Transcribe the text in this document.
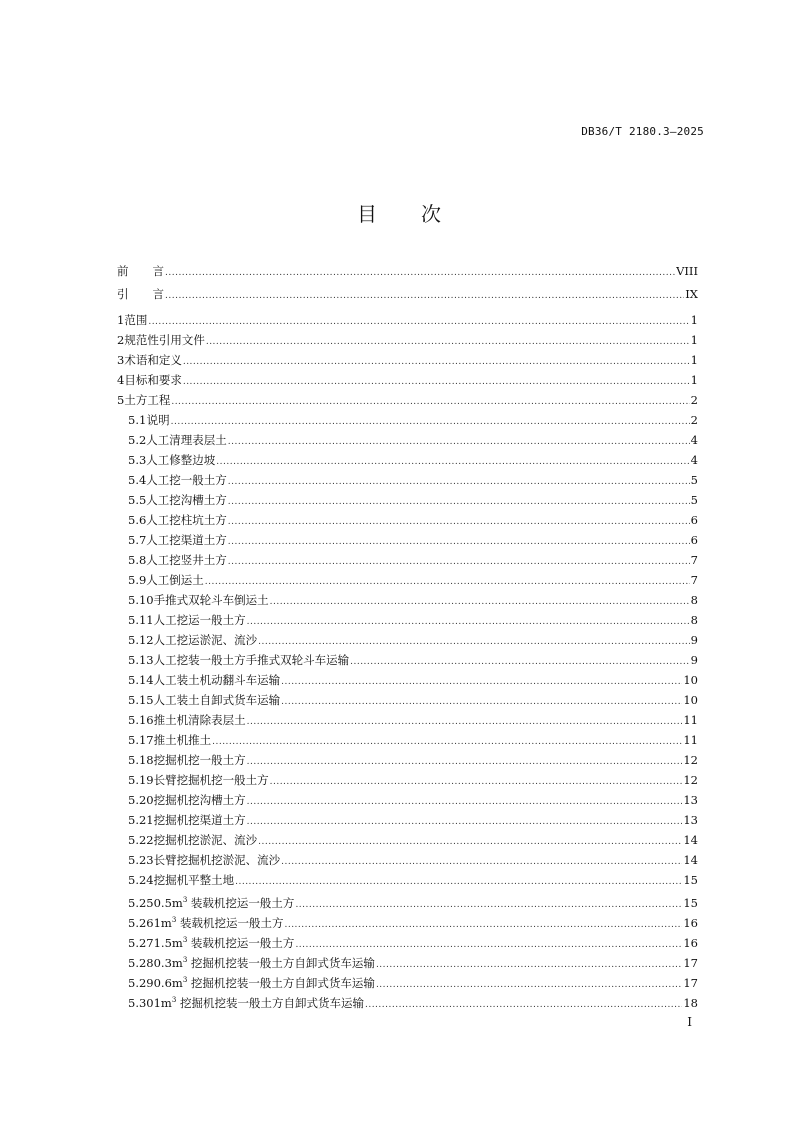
DB36/T 2180.3—2025
目 次
前 言 .....	VIII
引 言 .....	IX
1 范围 .....	1
2 规范性引用文件 .....	1
3 术语和定义 .....	1
4 目标和要求 .....	1
5 土方工程 .....	2
5.1 说明 .....	2
5.2 人工清理表层土 .....	4
5.3 人工修整边坡 .....	4
5.4 人工挖一般土方 .....	5
5.5 人工挖沟槽土方 .....	5
5.6 人工挖柱坑土方 .....	6
5.7 人工挖渠道土方 .....	6
5.8 人工挖竖井土方 .....	7
5.9 人工倒运土 .....	7
5.10 手推式双轮斗车倒运土 .....	8
5.11 人工挖运一般土方 .....	8
5.12 人工挖运淤泥、流沙 .....	9
5.13 人工挖装一般土方手推式双轮斗车运输 .....	9
5.14 人工装土机动翻斗车运输 .....	10
5.15 人工装土自卸式货车运输 .....	10
5.16 推土机清除表层土 .....	11
5.17 推土机推土 .....	11
5.18 挖掘机挖一般土方 .....	12
5.19 长臂挖掘机挖一般土方 .....	12
5.20 挖掘机挖沟槽土方 .....	13
5.21 挖掘机挖渠道土方 .....	13
5.22 挖掘机挖淤泥、流沙 .....	14
5.23 长臂挖掘机挖淤泥、流沙 .....	14
5.24 挖掘机平整土地 .....	15
5.25 $0.5m^3$ 装载机挖运一般土方 .....	15
5.26 $1m^3$ 装载机挖运一般土方 .....	16
5.27 $1.5m^3$ 装载机挖运一般土方 .....	16
5.28 $0.3m^3$ 挖掘机挖装一般土方自卸式货车运输 .....	17
5.29 $0.6m^3$ 挖掘机挖装一般土方自卸式货车运输 .....	17
5.30 $1m^3$ 挖掘机挖装一般土方自卸式货车运输 .....	18
I
